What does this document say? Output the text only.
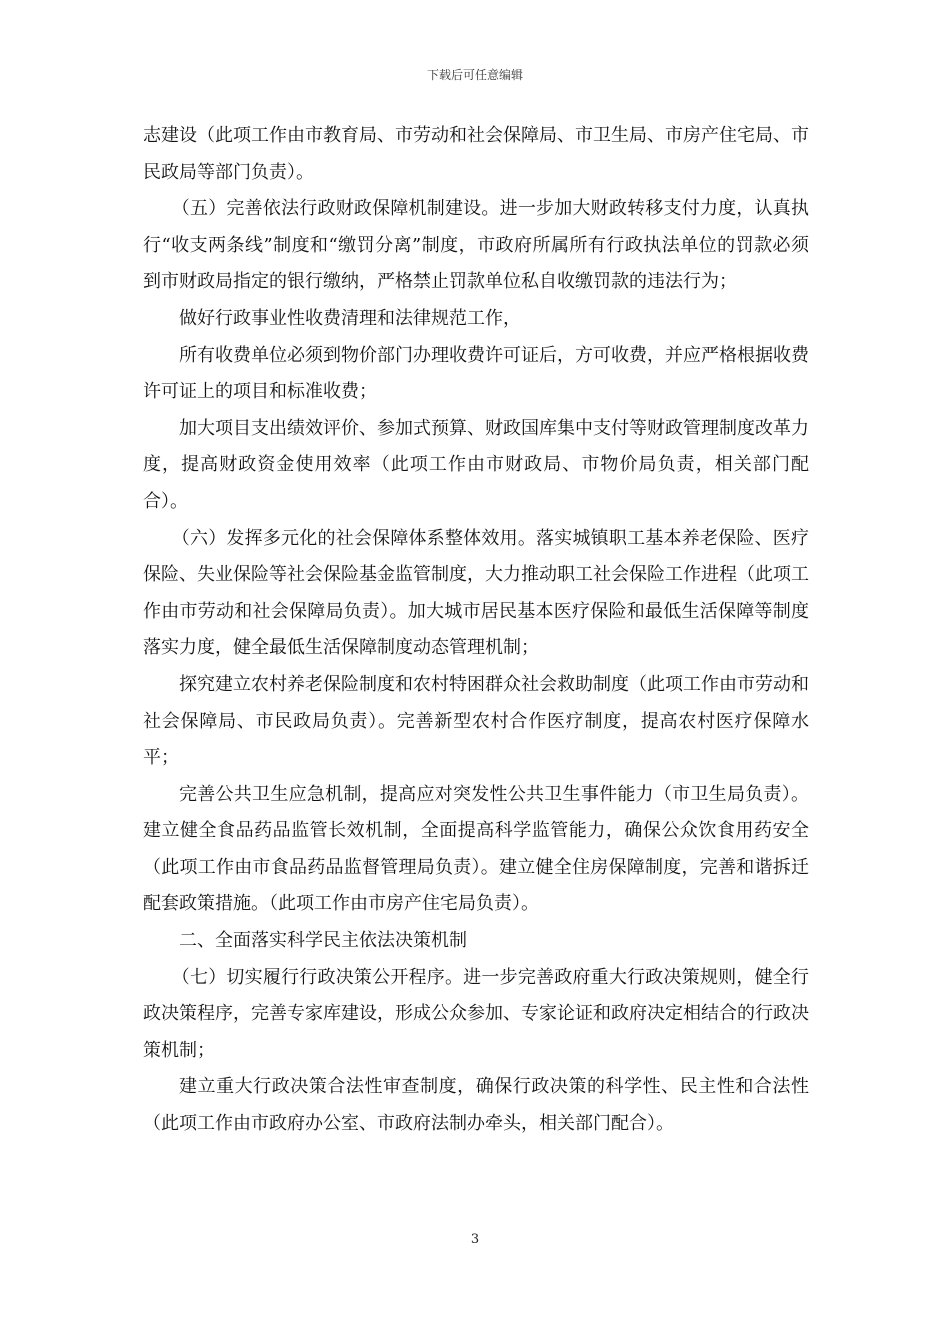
下载后可任意编辑

志建设（此项工作由市教育局、市劳动和社会保障局、市卫生局、市房产住宅局、市民政局等部门负责）。

（五）完善依法行政财政保障机制建设。进一步加大财政转移支付力度，认真执行“收支两条线”制度和“缴罚分离”制度，市政府所属所有行政执法单位的罚款必须到市财政局指定的银行缴纳，严格禁止罚款单位私自收缴罚款的违法行为；

做好行政事业性收费清理和法律规范工作，

所有收费单位必须到物价部门办理收费许可证后，方可收费，并应严格根据收费许可证上的项目和标准收费；

加大项目支出绩效评价、参加式预算、财政国库集中支付等财政管理制度改革力度，提高财政资金使用效率（此项工作由市财政局、市物价局负责，相关部门配合）。

（六）发挥多元化的社会保障体系整体效用。落实城镇职工基本养老保险、医疗保险、失业保险等社会保险基金监管制度，大力推动职工社会保险工作进程（此项工作由市劳动和社会保障局负责）。加大城市居民基本医疗保险和最低生活保障等制度落实力度，健全最低生活保障制度动态管理机制；

探究建立农村养老保险制度和农村特困群众社会救助制度（此项工作由市劳动和社会保障局、市民政局负责）。完善新型农村合作医疗制度，提高农村医疗保障水平；

完善公共卫生应急机制，提高应对突发性公共卫生事件能力（市卫生局负责）。建立健全食品药品监管长效机制，全面提高科学监管能力，确保公众饮食用药安全（此项工作由市食品药品监督管理局负责）。建立健全住房保障制度，完善和谐拆迁配套政策措施。（此项工作由市房产住宅局负责）。

二、全面落实科学民主依法决策机制

（七）切实履行行政决策公开程序。进一步完善政府重大行政决策规则，健全行政决策程序，完善专家库建设，形成公众参加、专家论证和政府决定相结合的行政决策机制；

建立重大行政决策合法性审查制度，确保行政决策的科学性、民主性和合法性（此项工作由市政府办公室、市政府法制办牵头，相关部门配合）。

3
